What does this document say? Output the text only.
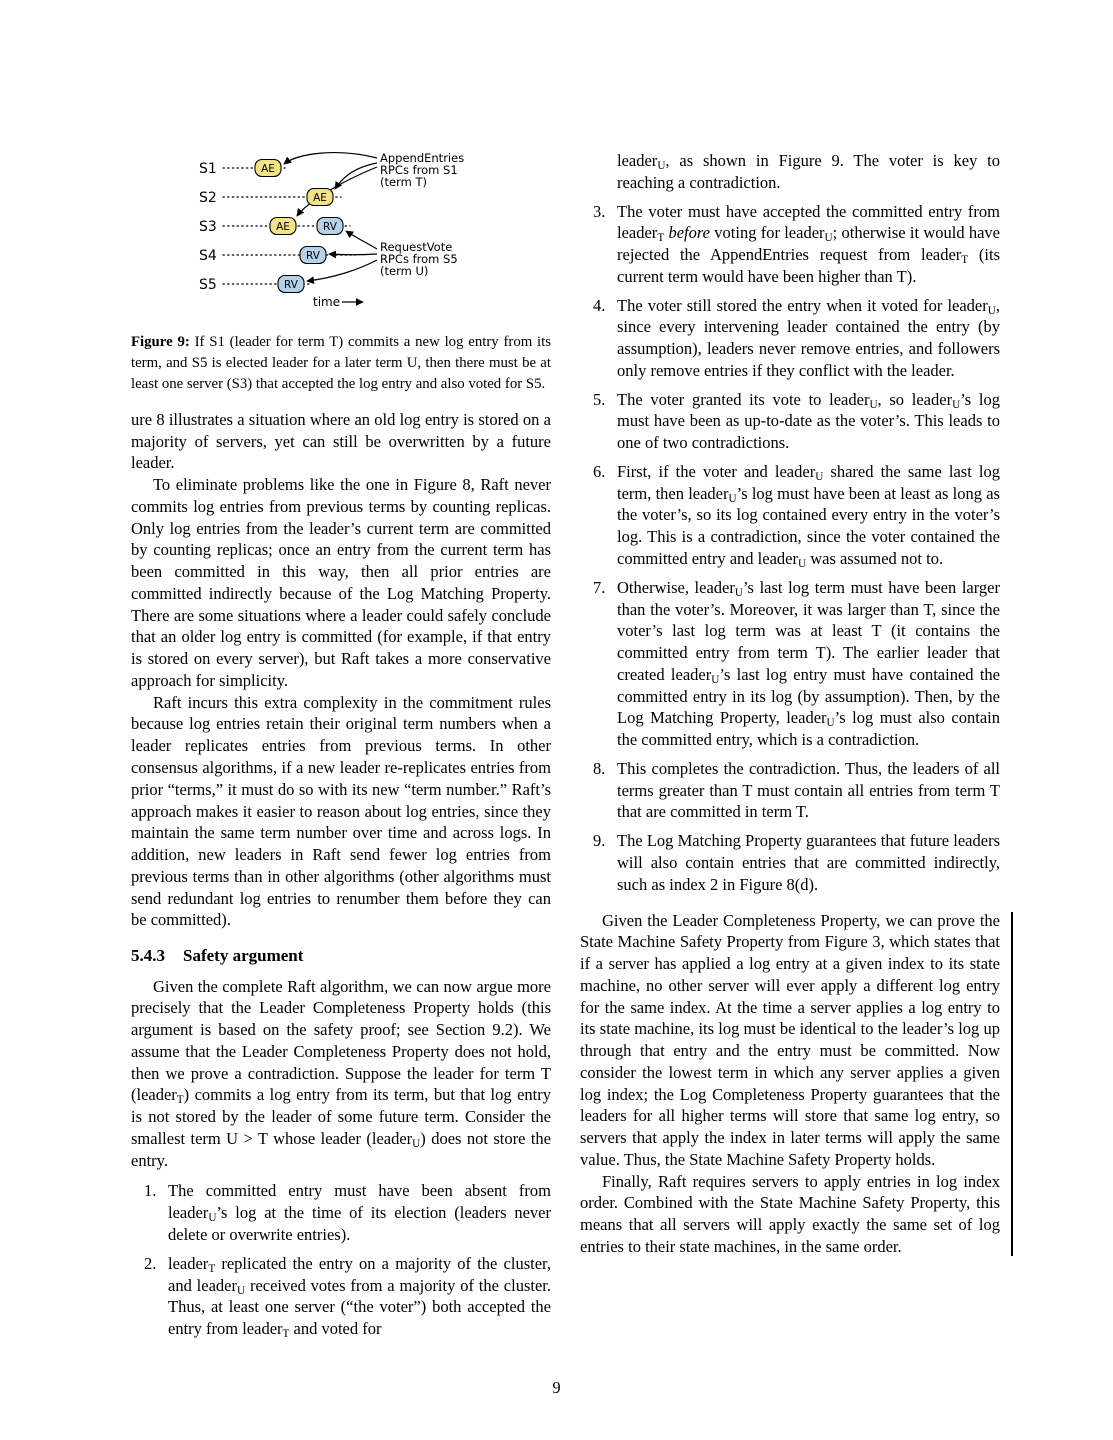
S1
S2
S3
S4
S5
AE
AE
AE	RV
RV
RV
AppendEntries
RPCs from S1
(term T)
RequestVote
RPCs from S5
(term U)
time
Figure 9: If S1 (leader for term T) commits a new log entry from its term, and S5 is elected leader for a later term U, then there must be at least one server (S3) that accepted the log entry and also voted for S5.

ure 8 illustrates a situation where an old log entry is stored on a majority of servers, yet can still be overwritten by a future leader.

To eliminate problems like the one in Figure 8, Raft never commits log entries from previous terms by counting replicas. Only log entries from the leader’s current term are committed by counting replicas; once an entry from the current term has been committed in this way, then all prior entries are committed indirectly because of the Log Matching Property. There are some situations where a leader could safely conclude that an older log entry is committed (for example, if that entry is stored on every server), but Raft takes a more conservative approach for simplicity.

Raft incurs this extra complexity in the commitment rules because log entries retain their original term numbers when a leader replicates entries from previous terms. In other consensus algorithms, if a new leader re-replicates entries from prior “terms,” it must do so with its new “term number.” Raft’s approach makes it easier to reason about log entries, since they maintain the same term number over time and across logs. In addition, new leaders in Raft send fewer log entries from previous terms than in other algorithms (other algorithms must send redundant log entries to renumber them before they can be committed).

5.4.3 Safety argument

Given the complete Raft algorithm, we can now argue more precisely that the Leader Completeness Property holds (this argument is based on the safety proof; see Section 9.2). We assume that the Leader Completeness Property does not hold, then we prove a contradiction. Suppose the leader for term T (leader$_T$) commits a log entry from its term, but that log entry is not stored by the leader of some future term. Consider the smallest term U > T whose leader (leader$_U$) does not store the entry.

1. The committed entry must have been absent from leader$_U$’s log at the time of its election (leaders never delete or overwrite entries).
2. leader$_T$ replicated the entry on a majority of the cluster, and leader$_U$ received votes from a majority of the cluster. Thus, at least one server (“the voter”) both accepted the entry from leader$_T$ and voted for
leader$_U$, as shown in Figure 9. The voter is key to reaching a contradiction.
3. The voter must have accepted the committed entry from leader$_T$ before voting for leader$_U$; otherwise it would have rejected the AppendEntries request from leader$_T$ (its current term would have been higher than T).
4. The voter still stored the entry when it voted for leader$_U$, since every intervening leader contained the entry (by assumption), leaders never remove entries, and followers only remove entries if they conflict with the leader.
5. The voter granted its vote to leader$_U$, so leader$_U$’s log must have been as up-to-date as the voter’s. This leads to one of two contradictions.
6. First, if the voter and leader$_U$ shared the same last log term, then leader$_U$’s log must have been at least as long as the voter’s, so its log contained every entry in the voter’s log. This is a contradiction, since the voter contained the committed entry and leader$_U$ was assumed not to.
7. Otherwise, leader$_U$’s last log term must have been larger than the voter’s. Moreover, it was larger than T, since the voter’s last log term was at least T (it contains the committed entry from term T). The earlier leader that created leader$_U$’s last log entry must have contained the committed entry in its log (by assumption). Then, by the Log Matching Property, leader$_U$’s log must also contain the committed entry, which is a contradiction.
8. This completes the contradiction. Thus, the leaders of all terms greater than T must contain all entries from term T that are committed in term T.
9. The Log Matching Property guarantees that future leaders will also contain entries that are committed indirectly, such as index 2 in Figure 8(d).

Given the Leader Completeness Property, we can prove the State Machine Safety Property from Figure 3, which states that if a server has applied a log entry at a given index to its state machine, no other server will ever apply a different log entry for the same index. At the time a server applies a log entry to its state machine, its log must be identical to the leader’s log up through that entry and the entry must be committed. Now consider the lowest term in which any server applies a given log index; the Log Completeness Property guarantees that the leaders for all higher terms will store that same log entry, so servers that apply the index in later terms will apply the same value. Thus, the State Machine Safety Property holds.

Finally, Raft requires servers to apply entries in log index order. Combined with the State Machine Safety Property, this means that all servers will apply exactly the same set of log entries to their state machines, in the same order.

9
